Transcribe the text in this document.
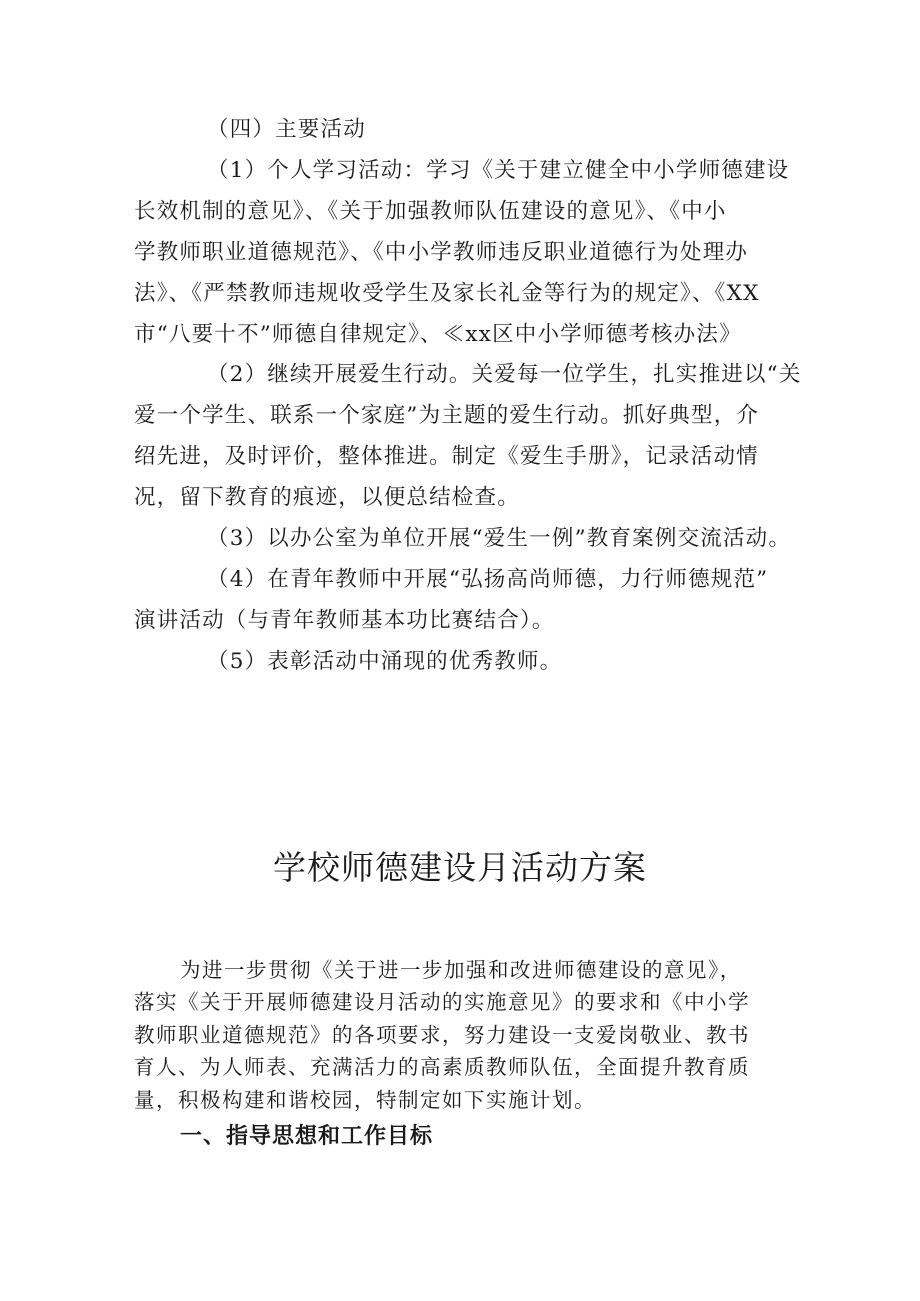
（四）主要活动
（1）个人学习活动：学习《关于建立健全中小学师德建设
长效机制的意见》、《关于加强教师队伍建设的意见》、《中小
学教师职业道德规范》、《中小学教师违反职业道德行为处理办
法》、《严禁教师违规收受学生及家长礼金等行为的规定》、《XX
市“八要十不”师德自律规定》、≪xx区中小学师德考核办法》
（2）继续开展爱生行动。关爱每一位学生，扎实推进以“关
爱一个学生、联系一个家庭”为主题的爱生行动。抓好典型，介
绍先进，及时评价，整体推进。制定《爱生手册》，记录活动情
况，留下教育的痕迹，以便总结检查。
（3）以办公室为单位开展“爱生一例”教育案例交流活动。
（4）在青年教师中开展“弘扬高尚师德，力行师德规范”
演讲活动（与青年教师基本功比赛结合）。
（5）表彰活动中涌现的优秀教师。
学校师德建设月活动方案
为进一步贯彻《关于进一步加强和改进师德建设的意见》，
落实《关于开展师德建设月活动的实施意见》的要求和《中小学
教师职业道德规范》的各项要求，努力建设一支爱岗敬业、教书
育人、为人师表、充满活力的高素质教师队伍，全面提升教育质
量，积极构建和谐校园，特制定如下实施计划。
一、指导思想和工作目标
